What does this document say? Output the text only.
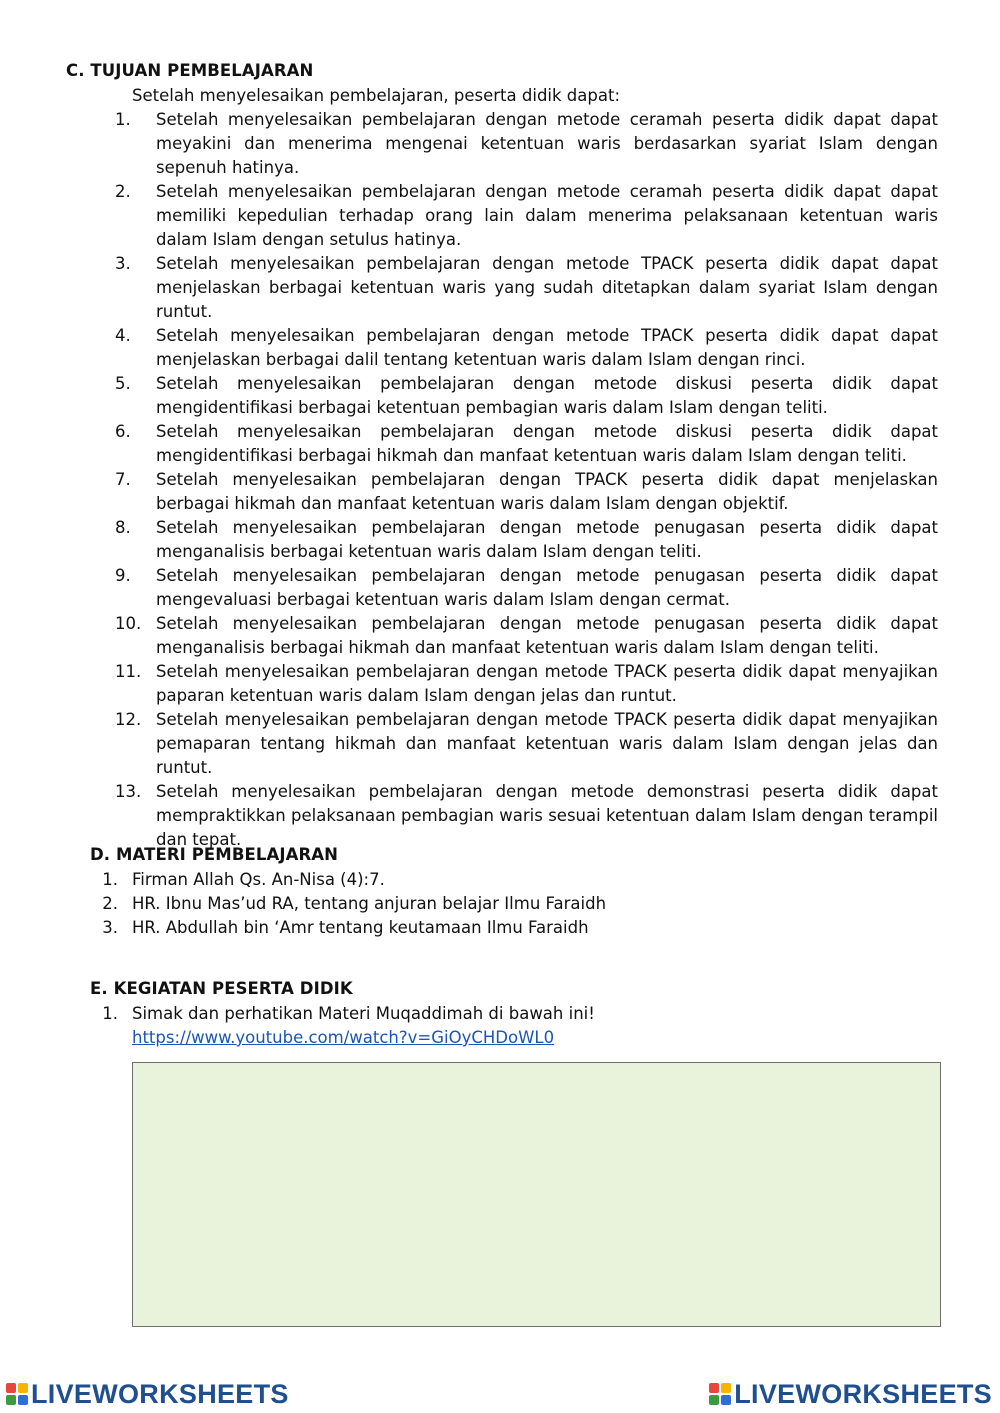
C. TUJUAN PEMBELAJARAN

Setelah menyelesaikan pembelajaran, peserta didik dapat:

1.	Setelah menyelesaikan pembelajaran dengan metode ceramah peserta didik dapat dapat meyakini dan menerima mengenai ketentuan waris berdasarkan syariat Islam dengan sepenuh hatinya.
2.	Setelah menyelesaikan pembelajaran dengan metode ceramah peserta didik dapat dapat memiliki kepedulian terhadap orang lain dalam menerima pelaksanaan ketentuan waris dalam Islam dengan setulus hatinya.
3.	Setelah menyelesaikan pembelajaran dengan metode TPACK peserta didik dapat dapat menjelaskan berbagai ketentuan waris yang sudah ditetapkan dalam syariat Islam dengan runtut.
4.	Setelah menyelesaikan pembelajaran dengan metode TPACK peserta didik dapat dapat menjelaskan berbagai dalil tentang ketentuan waris dalam Islam dengan rinci.
5.	Setelah menyelesaikan pembelajaran dengan metode diskusi peserta didik dapat mengidentifikasi berbagai ketentuan pembagian waris dalam Islam dengan teliti.
6.	Setelah menyelesaikan pembelajaran dengan metode diskusi peserta didik dapat mengidentifikasi berbagai hikmah dan manfaat ketentuan waris dalam Islam dengan teliti.
7.	Setelah menyelesaikan pembelajaran dengan TPACK peserta didik dapat menjelaskan berbagai hikmah dan manfaat ketentuan waris dalam Islam dengan objektif.
8.	Setelah menyelesaikan pembelajaran dengan metode penugasan peserta didik dapat menganalisis berbagai ketentuan waris dalam Islam dengan teliti.
9.	Setelah menyelesaikan pembelajaran dengan metode penugasan peserta didik dapat mengevaluasi berbagai ketentuan waris dalam Islam dengan cermat.
10. Setelah menyelesaikan pembelajaran dengan metode penugasan peserta didik dapat menganalisis berbagai hikmah dan manfaat ketentuan waris dalam Islam dengan teliti.
11. Setelah menyelesaikan pembelajaran dengan metode TPACK peserta didik dapat menyajikan paparan ketentuan waris dalam Islam dengan jelas dan runtut.
12. Setelah menyelesaikan pembelajaran dengan metode TPACK peserta didik dapat menyajikan pemaparan tentang hikmah dan manfaat ketentuan waris dalam Islam dengan jelas dan runtut.
13. Setelah menyelesaikan pembelajaran dengan metode demonstrasi peserta didik dapat mempraktikkan pelaksanaan pembagian waris sesuai ketentuan dalam Islam dengan terampil dan tepat.
D. MATERI PEMBELAJARAN
1. Firman Allah Qs. An-Nisa (4):7.
2. HR. Ibnu Mas’ud RA, tentang anjuran belajar Ilmu Faraidh
3. HR. Abdullah bin ‘Amr tentang keutamaan Ilmu Faraidh
E. KEGIATAN PESERTA DIDIK
1. Simak dan perhatikan Materi Muqaddimah di bawah ini!
https://www.youtube.com/watch?v=GiOyCHDoWL0
LIVEWORKSHEETS	LIVEWORKSHEETS
